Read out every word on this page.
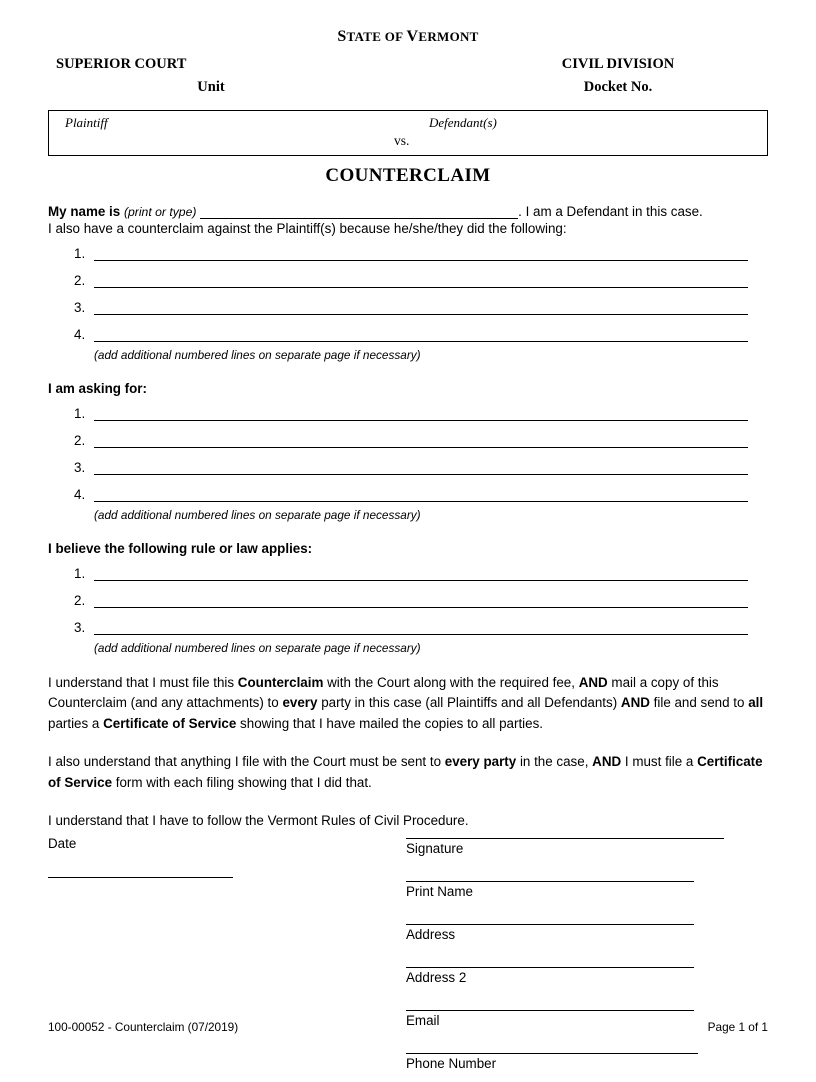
STATE OF VERMONT
SUPERIOR COURT
Unit
CIVIL DIVISION
Docket No.
Plaintiff	Defendant(s)
vs.
COUNTERCLAIM
My name is (print or type)	. I am a Defendant in this case.
I also have a counterclaim against the Plaintiff(s) because he/she/they did the following:
1.
2.
3.
4.
(add additional numbered lines on separate page if necessary)
I am asking for:
1.
2.
3.
4.
(add additional numbered lines on separate page if necessary)
I believe the following rule or law applies:
1.
2.
3.
(add additional numbered lines on separate page if necessary)
I understand that I must file this Counterclaim with the Court along with the required fee, AND mail a copy of this Counterclaim (and any attachments) to every party in this case (all Plaintiffs and all Defendants) AND file and send to all parties a Certificate of Service showing that I have mailed the copies to all parties.
I also understand that anything I file with the Court must be sent to every party in the case, AND I must file a Certificate of Service form with each filing showing that I did that.
I understand that I have to follow the Vermont Rules of Civil Procedure.
Date	Signature
Print Name
Address
Address 2
Email
Phone Number
100-00052 - Counterclaim (07/2019)	Page 1 of 1
